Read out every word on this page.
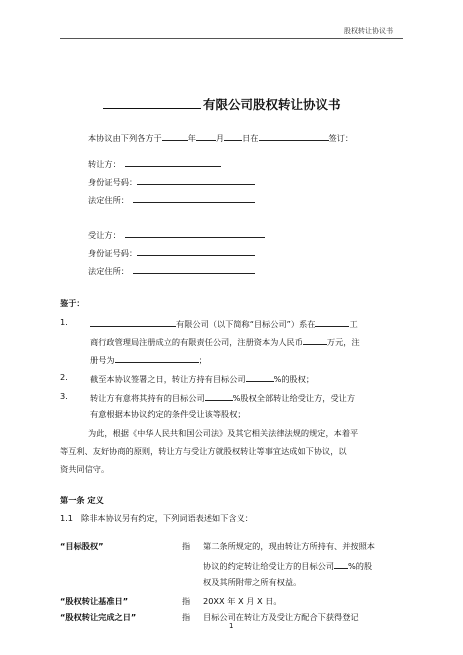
股权转让协议书
有限公司股权转让协议书
本协议由下列各方于	年 月 日在	签订：
转让方：
身份证号码：
法定住所：
受让方：
身份证号码：
法定住所：
鉴于：
1.	有限公司（以下简称“目标公司”）系在	工
商行政管理局注册成立的有限责任公司，注册资本为人民币	万元，注
册号为	；
2.	截至本协议签署之日，转让方持有目标公司	%的股权；
3.	转让方有意将其持有的目标公司	%股权全部转让给受让方，受让方
有意根据本协议约定的条件受让该等股权；
为此，根据《中华人民共和国公司法》及其它相关法律法规的规定，本着平
等互利、友好协商的原则，转让方与受让方就股权转让等事宜达成如下协议，以
资共同信守。
第一条 定义
1.1 除非本协议另有约定，下列词语表述如下含义：
“目标股权”	指 第二条所规定的，现由转让方所持有、并按照本
协议的约定转让给受让方的目标公司 %的股
权及其所附带之所有权益。
“股权转让基准日”	指 20XX 年 X 月 X 日。
“股权转让完成之日”	指 目标公司在转让方及受让方配合下获得登记
1
